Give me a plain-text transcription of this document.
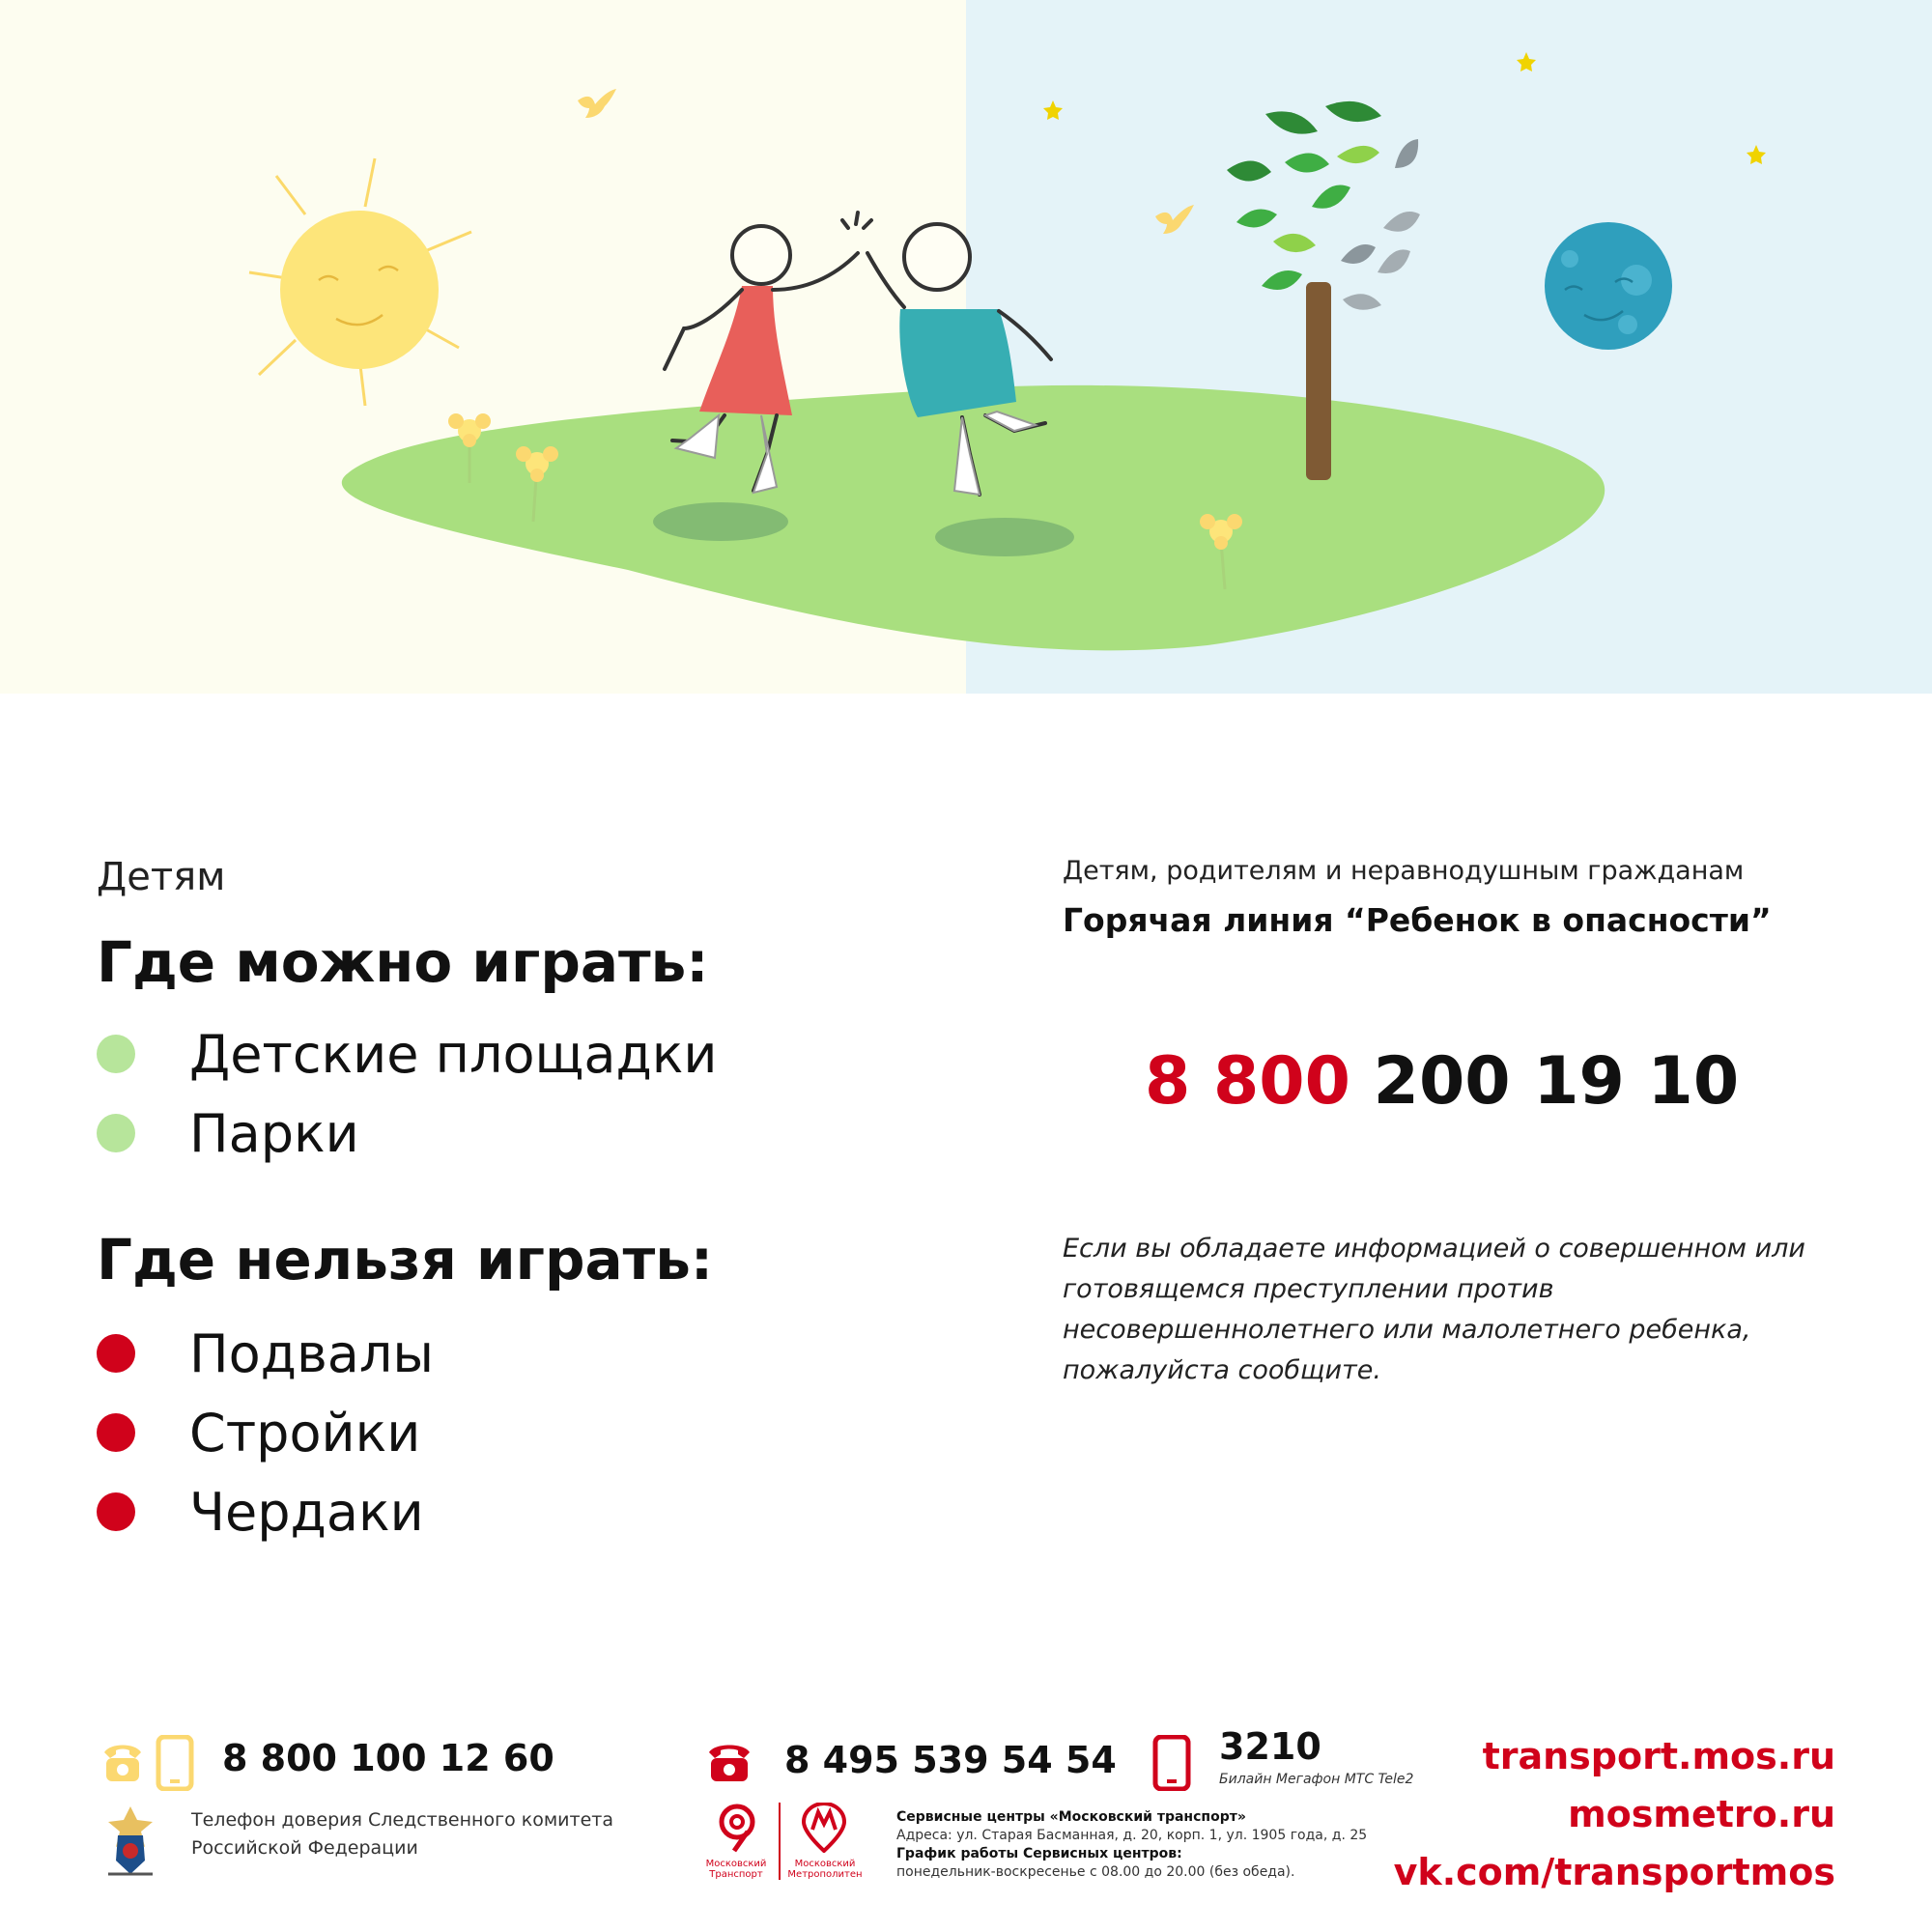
Детям
Где можно играть:
Детские площадки
Парки
Где нельзя играть:
Подвалы
Стройки
Чердаки
Детям, родителям и неравнодушным гражданам
Горячая линия “Ребенок в опасности”
8 800 200 19 10
Если вы обладаете информацией о совершенном или готовящемся преступлении против несовершеннолетнего или малолетнего ребенка, пожалуйста сообщите.
8 800 100 12 60
Телефон доверия Следственного комитета Российской Федерации
8 495 539 54 54	3210
Билайн Мегафон МТС Tele2
Московский Транспорт
Московский Метрополитен
Сервисные центры «Московский транспорт»
Адреса: ул. Старая Басманная, д. 20, корп. 1, ул. 1905 года, д. 25
График работы Сервисных центров:
понедельник-воскресенье с 08.00 до 20.00 (без обеда).
transport.mos.ru
mosmetro.ru
vk.com/transportmos
